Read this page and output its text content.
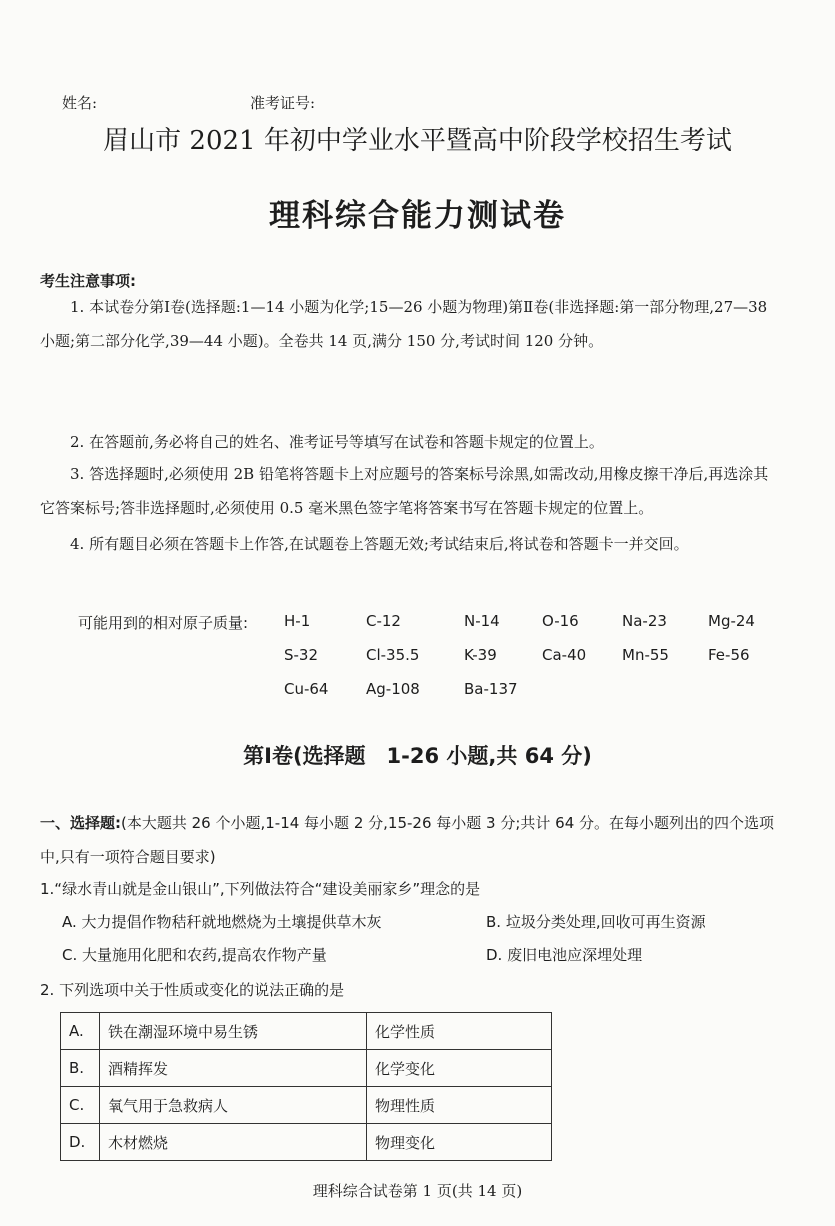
姓名:	准考证号:
眉山市 2021 年初中学业水平暨高中阶段学校招生考试
理科综合能力测试卷
考生注意事项:
1. 本试卷分第Ⅰ卷(选择题:1—14 小题为化学;15—26 小题为物理)第Ⅱ卷(非选择题:第一部分物理,27—38 小题;第二部分化学,39—44 小题)。全卷共 14 页,满分 150 分,考试时间 120 分钟。
2. 在答题前,务必将自己的姓名、准考证号等填写在试卷和答题卡规定的位置上。
3. 答选择题时,必须使用 2B 铅笔将答题卡上对应题号的答案标号涂黑,如需改动,用橡皮擦干净后,再选涂其它答案标号;答非选择题时,必须使用 0.5 毫米黑色签字笔将答案书写在答题卡规定的位置上。
4. 所有题目必须在答题卡上作答,在试题卷上答题无效;考试结束后,将试卷和答题卡一并交回。
可能用到的相对原子质量: H-1	C-12	N-14	O-16	Na-23	Mg-24
S-32	Cl-35.5	K-39	Ca-40 Mn-55	Fe-56
Cu-64	Ag-108	Ba-137
第Ⅰ卷(选择题　1-26 小题,共 64 分)
一、选择题:(本大题共 26 个小题,1-14 每小题 2 分,15-26 每小题 3 分;共计 64 分。在每小题列出的四个选项中,只有一项符合题目要求)
1.“绿水青山就是金山银山”,下列做法符合“建设美丽家乡”理念的是
A. 大力提倡作物秸秆就地燃烧为土壤提供草木灰	B. 垃圾分类处理,回收可再生资源
C. 大量施用化肥和农药,提高农作物产量	D. 废旧电池应深埋处理
2. 下列选项中关于性质或变化的说法正确的是
A.	铁在潮湿环境中易生锈	化学性质
B.	酒精挥发	化学变化
C.	氧气用于急救病人	物理性质
D.	木材燃烧	物理变化
理科综合试卷第 1 页(共 14 页)
